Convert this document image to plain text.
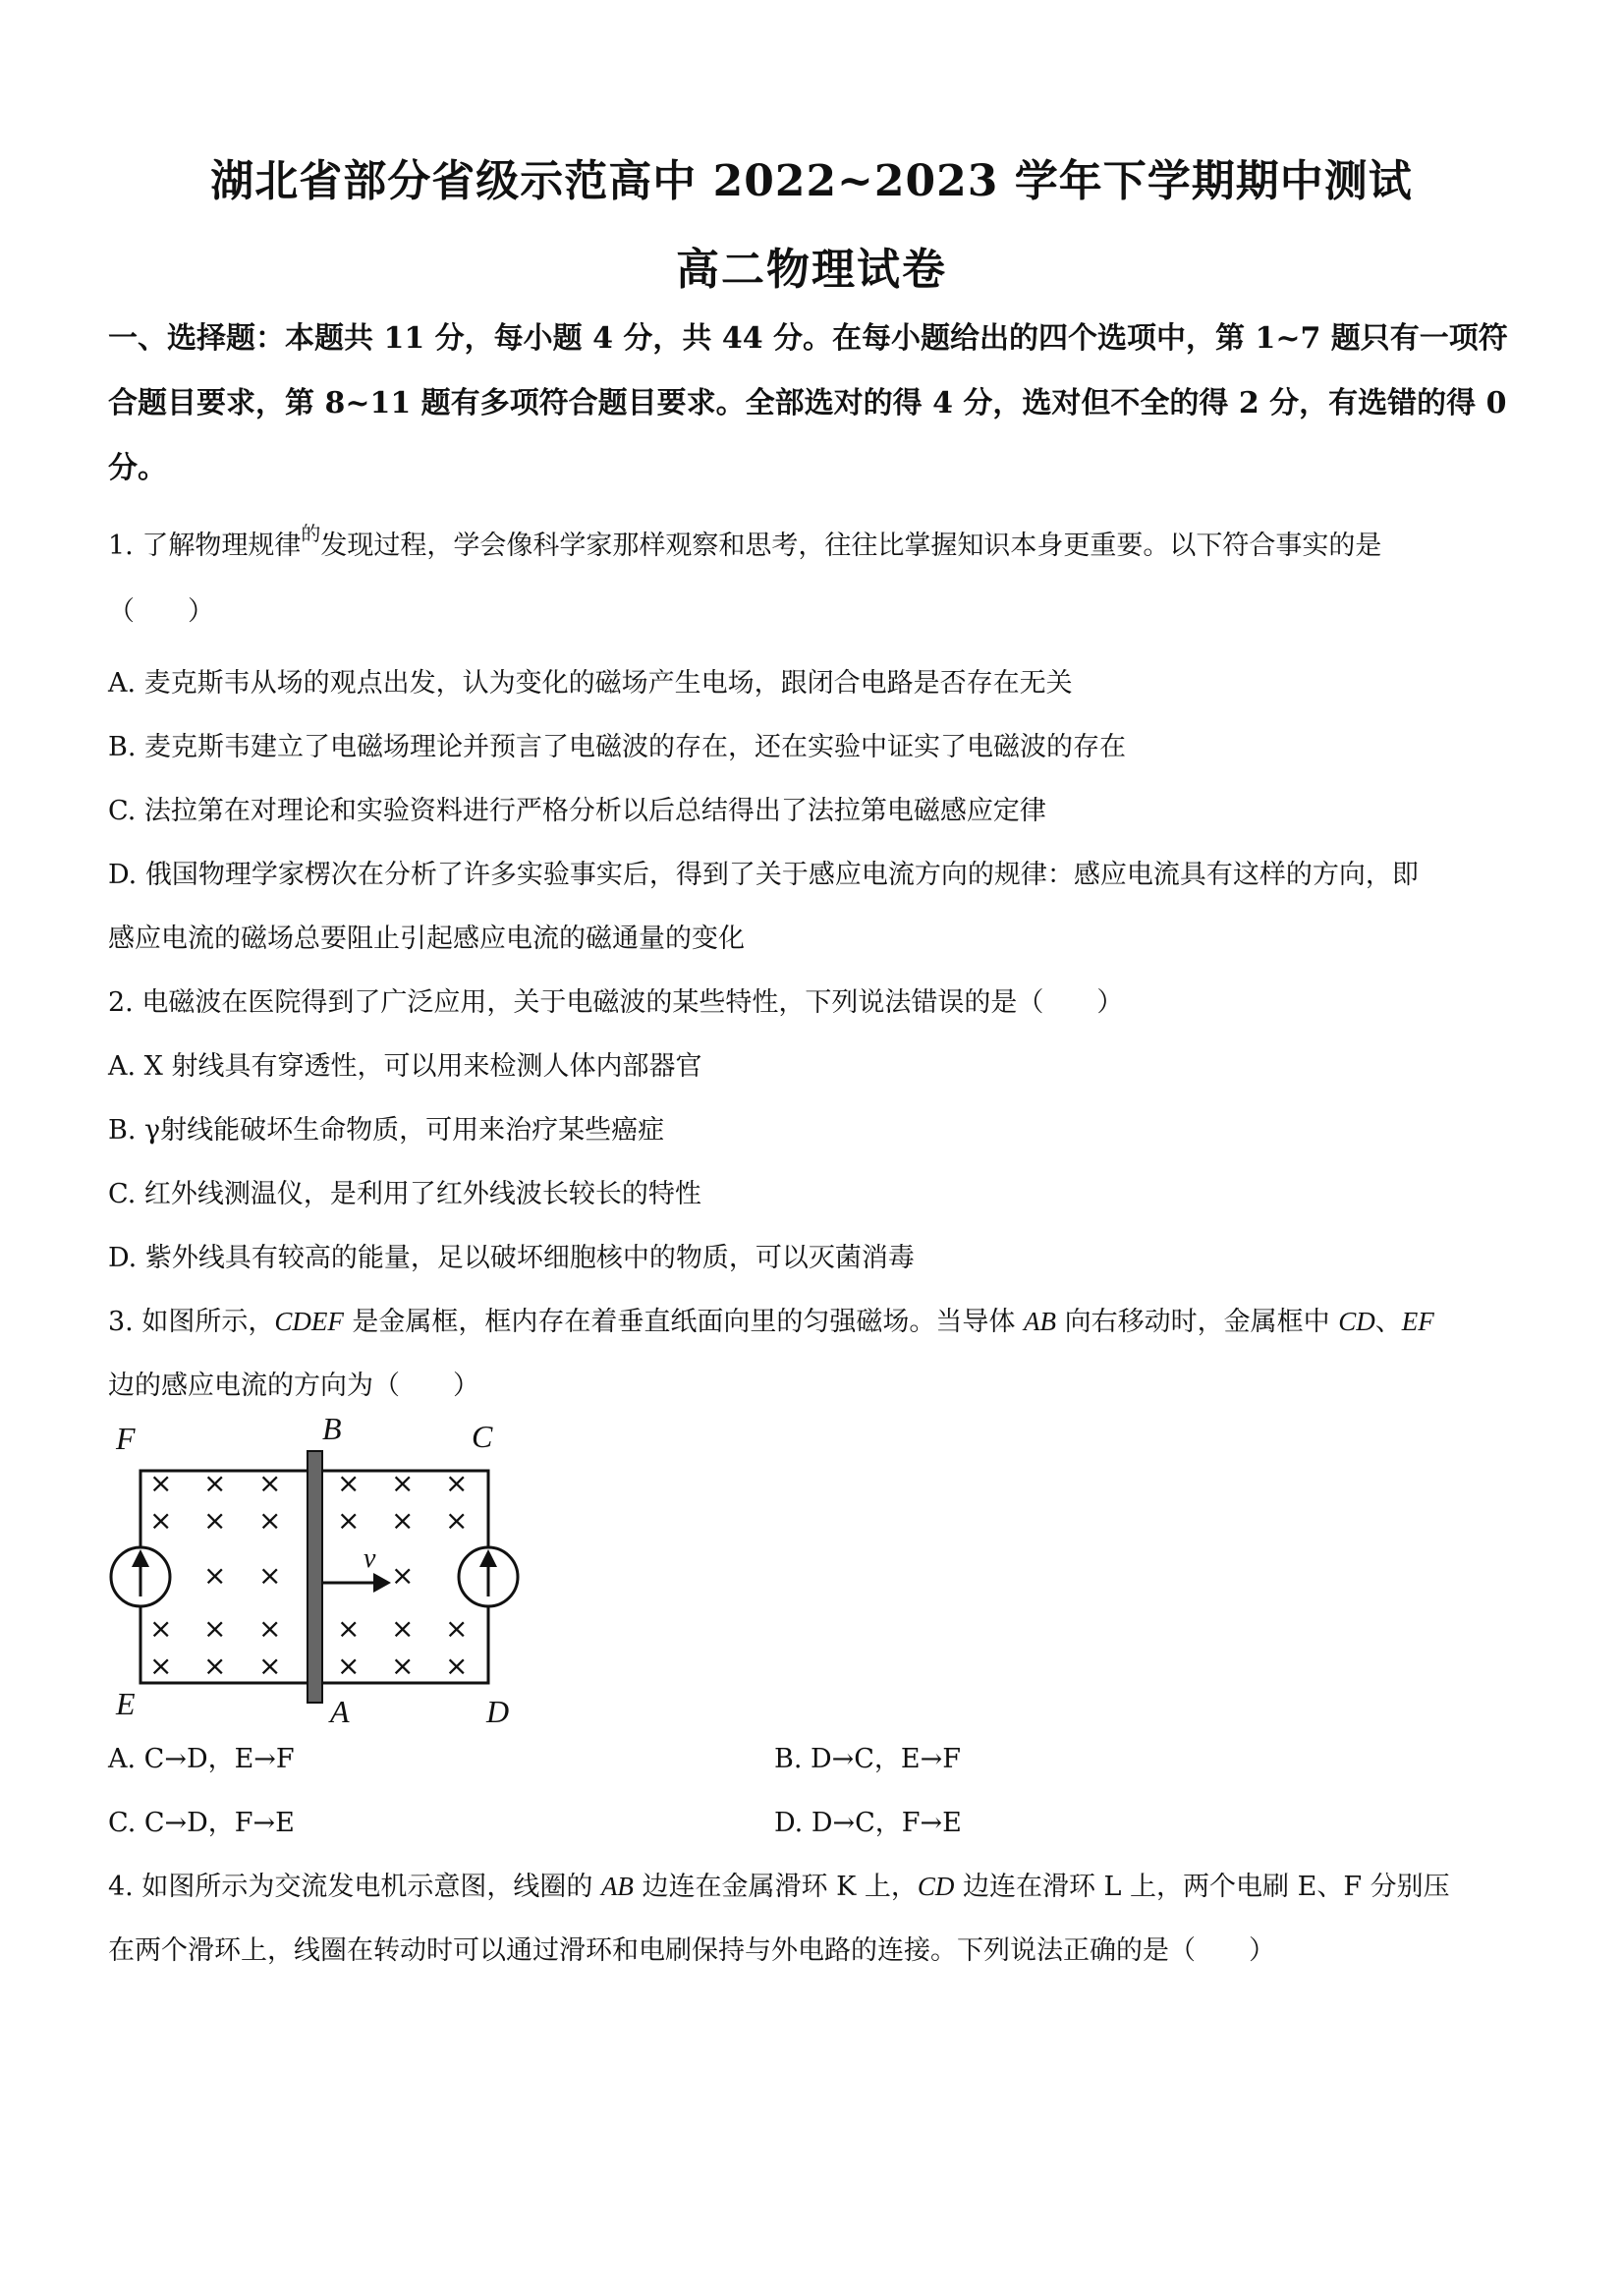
湖北省部分省级示范高中 2022~2023 学年下学期期中测试
高二物理试卷
一、选择题：本题共 11 分，每小题 4 分，共 44 分。在每小题给出的四个选项中，第 1~7 题只有一项符合题目要求，第 8~11 题有多项符合题目要求。全部选对的得 4 分，选对但不全的得 2 分，有选错的得 0 分。
1. 了解物理规律$^的$发现过程，学会像科学家那样观察和思考，往往比掌握知识本身更重要。以下符合事实的是
（　　）
A. 麦克斯韦从场的观点出发，认为变化的磁场产生电场，跟闭合电路是否存在无关
B. 麦克斯韦建立了电磁场理论并预言了电磁波的存在，还在实验中证实了电磁波的存在
C. 法拉第在对理论和实验资料进行严格分析以后总结得出了法拉第电磁感应定律
D. 俄国物理学家楞次在分析了许多实验事实后，得到了关于感应电流方向的规律：感应电流具有这样的方向，即
感应电流的磁场总要阻止引起感应电流的磁通量的变化
2. 电磁波在医院得到了广泛应用，关于电磁波的某些特性，下列说法错误的是（　　）
A. X 射线具有穿透性，可以用来检测人体内部器官
B. γ射线能破坏生命物质，可用来治疗某些癌症
C. 红外线测温仪，是利用了红外线波长较长的特性
D. 紫外线具有较高的能量，足以破坏细胞核中的物质，可以灭菌消毒
3. 如图所示，CDEF 是金属框，框内存在着垂直纸面向里的匀强磁场。当导体 AB 向右移动时，金属框中 CD、EF
边的感应电流的方向为（　　）
v
× × ×
× × ×
× ×
× × ×
× × ×
× × ×
× × ×
×
× × ×
× × ×
F	B	C
E	A	D
A. C→D，E→F	B. D→C，E→F
C. C→D，F→E	D. D→C，F→E
4. 如图所示为交流发电机示意图，线圈的 AB 边连在金属滑环 K 上，CD 边连在滑环 L 上，两个电刷 E、F 分别压
在两个滑环上，线圈在转动时可以通过滑环和电刷保持与外电路的连接。下列说法正确的是（　　）
